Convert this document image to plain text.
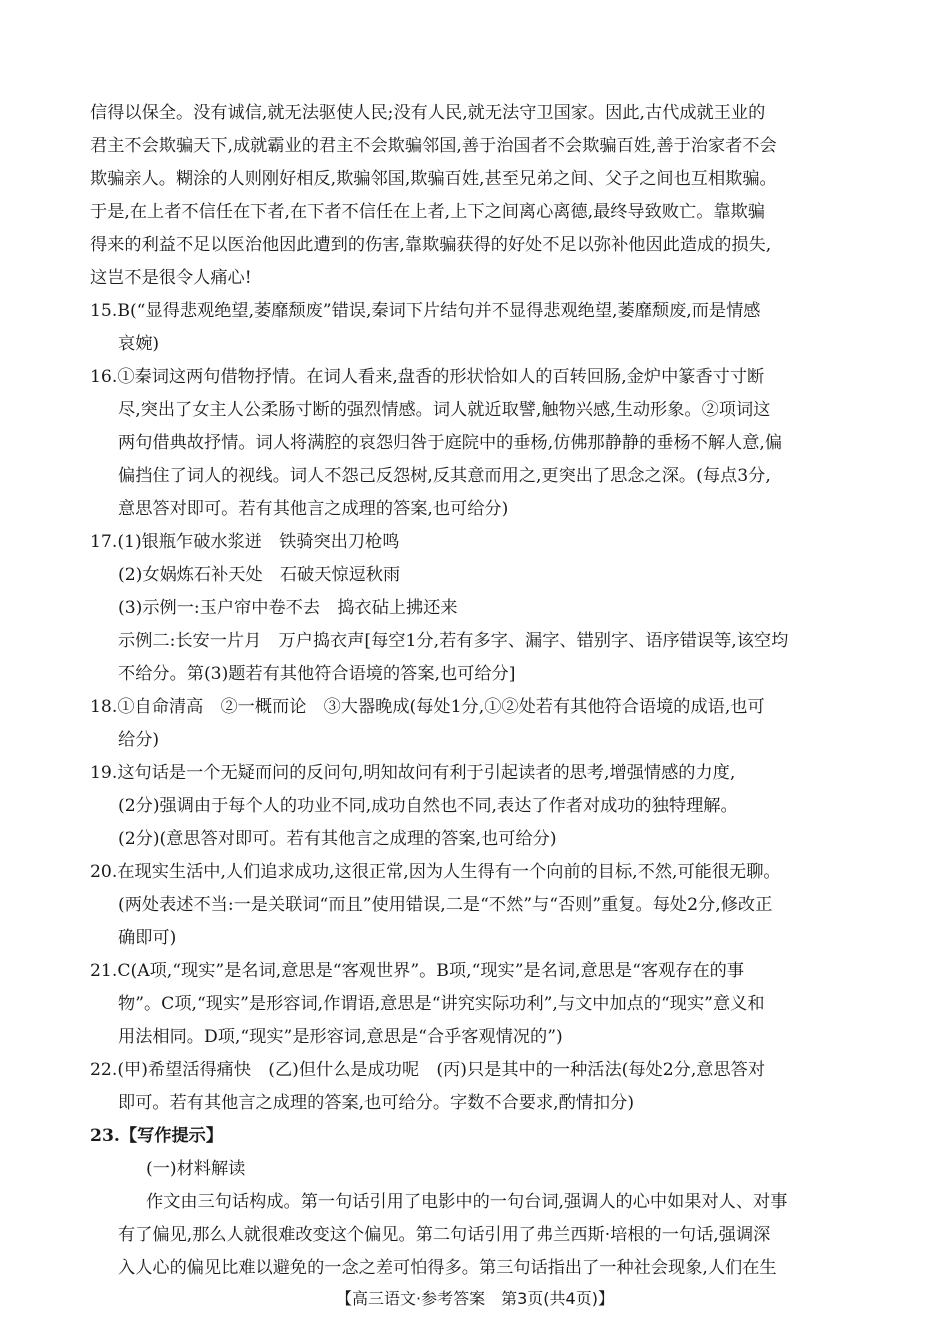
信得以保全。没有诚信,就无法驱使人民;没有人民,就无法守卫国家。因此,古代成就王业的
君主不会欺骗天下,成就霸业的君主不会欺骗邻国,善于治国者不会欺骗百姓,善于治家者不会
欺骗亲人。糊涂的人则刚好相反,欺骗邻国,欺骗百姓,甚至兄弟之间、父子之间也互相欺骗。
于是,在上者不信任在下者,在下者不信任在上者,上下之间离心离德,最终导致败亡。靠欺骗
得来的利益不足以医治他因此遭到的伤害,靠欺骗获得的好处不足以弥补他因此造成的损失,
这岂不是很令人痛心!
15.B(“显得悲观绝望,萎靡颓废”错误,秦词下片结句并不显得悲观绝望,萎靡颓废,而是情感
哀婉)
16.①秦词这两句借物抒情。在词人看来,盘香的形状恰如人的百转回肠,金炉中篆香寸寸断
尽,突出了女主人公柔肠寸断的强烈情感。词人就近取譬,触物兴感,生动形象。②项词这
两句借典故抒情。词人将满腔的哀怨归咎于庭院中的垂杨,仿佛那静静的垂杨不解人意,偏
偏挡住了词人的视线。词人不怨己反怨树,反其意而用之,更突出了思念之深。(每点3分,
意思答对即可。若有其他言之成理的答案,也可给分)
17.(1)银瓶乍破水浆迸　铁骑突出刀枪鸣
(2)女娲炼石补天处　石破天惊逗秋雨
(3)示例一:玉户帘中卷不去　捣衣砧上拂还来
示例二:长安一片月　万户捣衣声[每空1分,若有多字、漏字、错别字、语序错误等,该空均
不给分。第(3)题若有其他符合语境的答案,也可给分]
18.①自命清高　②一概而论　③大器晚成(每处1分,①②处若有其他符合语境的成语,也可
给分)
19.这句话是一个无疑而问的反问句,明知故问有利于引起读者的思考,增强情感的力度,
(2分)强调由于每个人的功业不同,成功自然也不同,表达了作者对成功的独特理解。
(2分)(意思答对即可。若有其他言之成理的答案,也可给分)
20.在现实生活中,人们追求成功,这很正常,因为人生得有一个向前的目标,不然,可能很无聊。
(两处表述不当:一是关联词“而且”使用错误,二是“不然”与“否则”重复。每处2分,修改正
确即可)
21.C(A项,“现实”是名词,意思是“客观世界”。B项,“现实”是名词,意思是“客观存在的事
物”。C项,“现实”是形容词,作谓语,意思是“讲究实际功利”,与文中加点的“现实”意义和
用法相同。D项,“现实”是形容词,意思是“合乎客观情况的”)
22.(甲)希望活得痛快　(乙)但什么是成功呢　(丙)只是其中的一种活法(每处2分,意思答对
即可。若有其他言之成理的答案,也可给分。字数不合要求,酌情扣分)
23.【写作提示】
(一)材料解读
作文由三句话构成。第一句话引用了电影中的一句台词,强调人的心中如果对人、对事
有了偏见,那么人就很难改变这个偏见。第二句话引用了弗兰西斯·培根的一句话,强调深
入人心的偏见比难以避免的一念之差可怕得多。第三句话指出了一种社会现象,人们在生
【高三语文·参考答案　第3页(共4页)】
